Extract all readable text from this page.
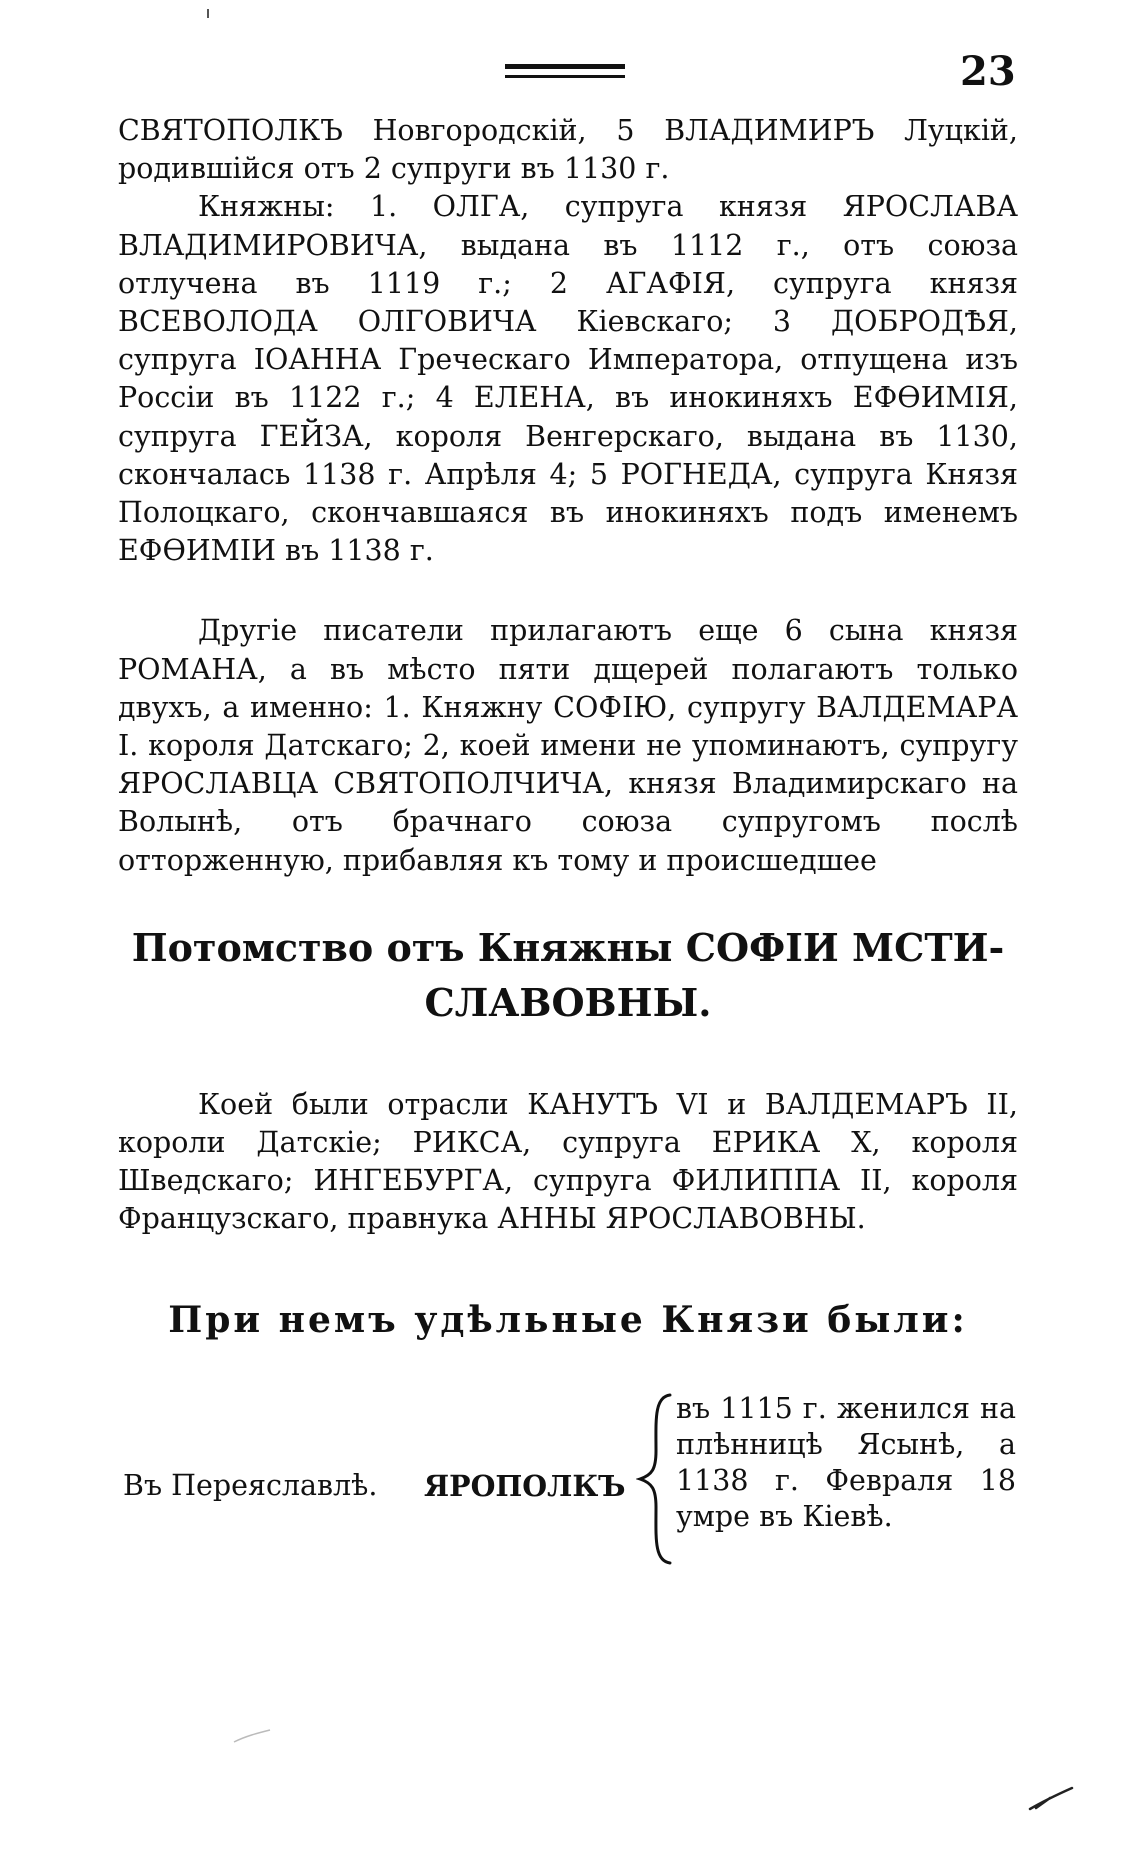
23

СВЯТОПОЛКЪ Новгородскій, 5 ВЛАДИМИРЪ Луцкій, родившійся отъ 2 супруги въ 1130 г.

Княжны: 1. ОЛГА, супруга князя ЯРОСЛАВА ВЛАДИМИРОВИЧА, выдана въ 1112 г., отъ союза отлучена въ 1119 г.; 2 АГАФІЯ, супруга князя ВСЕВОЛОДА ОЛГОВИЧА Кіевскаго; 3 ДОБРОДѢЯ, супруга ІОАННА Греческаго Императора, отпущена изъ Россіи въ 1122 г.; 4 ЕЛЕНА, въ инокиняхъ ЕФѲИМІЯ, супруга ГЕЙЗА, короля Венгерскаго, выдана въ 1130, скончалась 1138 г. Апрѣля 4; 5 РОГНЕДА, супруга Князя Полоцкаго, скончавшаяся въ инокиняхъ подъ именемъ ЕФѲИМІИ въ 1138 г.

Другіе писатели прилагаютъ еще 6 сына князя РОМАНА, а въ мѣсто пяти дщерей полагаютъ только двухъ, а именно: 1. Княжну СОФІЮ, супругу ВАЛДЕМАРА I. короля Датскаго; 2, коей имени не упоминаютъ, супругу ЯРОСЛАВЦА СВЯТОПОЛЧИЧА, князя Владимирскаго на Волынѣ, отъ брачнаго союза супругомъ послѣ отторженную, прибавляя къ тому и происшедшее

Потомство отъ Княжны СОФІИ МСТИ-
СЛАВОВНЫ.

Коей были отрасли КАНУТЪ VI и ВАЛДЕМАРЪ II, короли Датскіе; РИКСА, супруга ЕРИКА X, короля Шведскаго; ИНГЕБУРГА, супруга ФИЛИППА II, короля Французскаго, правнука АННЫ ЯРОСЛАВОВНЫ.

При немъ удѣльные Князи были:
Въ Переяславлѣ. ЯРОПОЛКЪ
въ 1115 г. женился на плѣнницѣ Ясынѣ, а 1138 г. Февраля 18 умре въ Кіевѣ.
